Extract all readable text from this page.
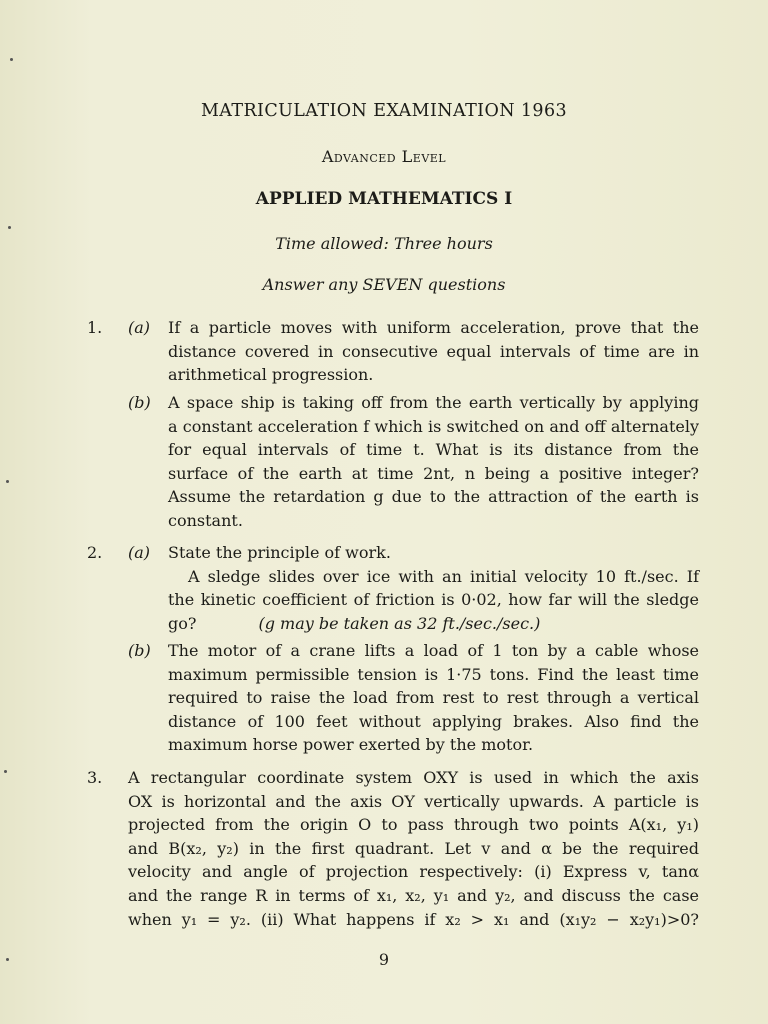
MATRICULATION EXAMINATION 1963
Advanced Level
APPLIED MATHEMATICS I
Time allowed: Three hours
Answer any SEVEN questions
1. (a) If a particle moves with uniform acceleration, prove that the
distance covered in consecutive equal intervals of time are in
arithmetical progression.
(b) A space ship is taking off from the earth vertically by applying
a constant acceleration f which is switched on and off alternately
for equal intervals of time t. What is its distance from the
surface of the earth at time 2nt, n being a positive integer?
Assume the retardation g due to the attraction of the earth is
constant.
2. (a) State the principle of work.
A sledge slides over ice with an initial velocity 10 ft./sec. If
the kinetic coefficient of friction is 0·02, how far will the sledge
go?	(g may be taken as 32 ft./sec./sec.)
(b) The motor of a crane lifts a load of 1 ton by a cable whose
maximum permissible tension is 1·75 tons. Find the least time
required to raise the load from rest to rest through a vertical
distance of 100 feet without applying brakes. Also find the
maximum horse power exerted by the motor.
3. A rectangular coordinate system OXY is used in which the axis
OX is horizontal and the axis OY vertically upwards. A particle is
projected from the origin O to pass through two points A(x₁, y₁)
and B(x₂, y₂) in the first quadrant. Let v and α be the required
velocity and angle of projection respectively: (i) Express v, tanα
and the range R in terms of x₁, x₂, y₁ and y₂, and discuss the case
when y₁ = y₂. (ii) What happens if x₂ > x₁ and (x₁y₂ − x₂y₁)>0?
9
